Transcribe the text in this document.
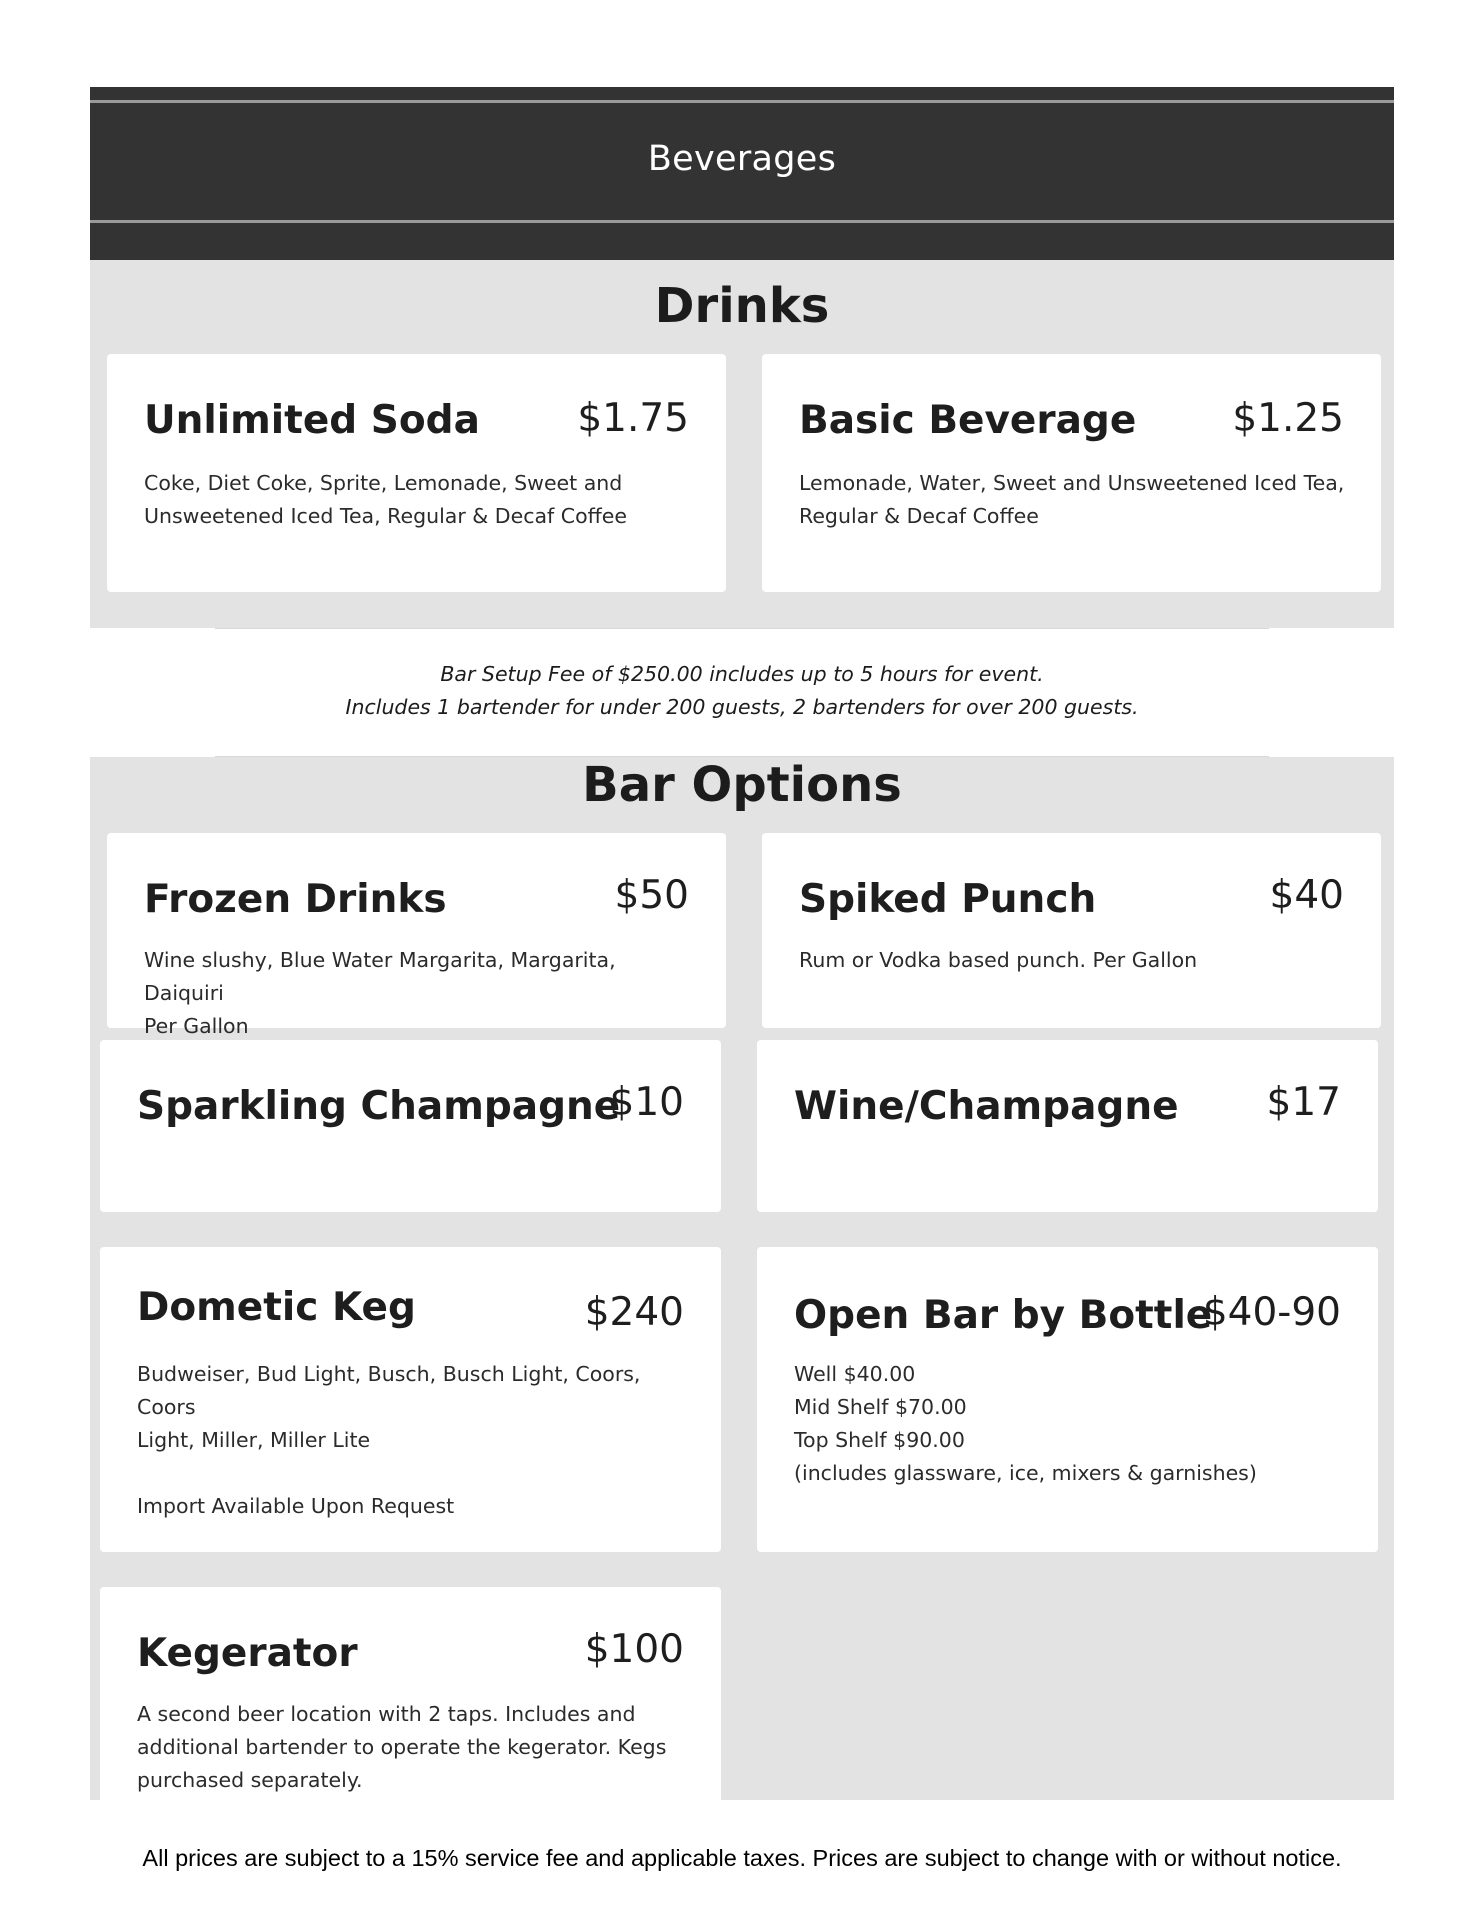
Beverages
Drinks
Unlimited Soda $1.75
Coke, Diet Coke, Sprite, Lemonade, Sweet and
Unsweetened Iced Tea, Regular & Decaf Coffee
Basic Beverage $1.25
Lemonade, Water, Sweet and Unsweetened Iced Tea,
Regular & Decaf Coffee
Bar Setup Fee of $250.00 includes up to 5 hours for event.
Includes 1 bartender for under 200 guests, 2 bartenders for over 200 guests.
Bar Options
Frozen Drinks	$50
Wine slushy, Blue Water Margarita, Margarita, Daiquiri
Per Gallon
Spiked Punch	$40
Rum or Vodka based punch. Per Gallon
Sparkling Champagne
$10	Wine/Champagne $17
Dometic Keg	$240
Budweiser, Bud Light, Busch, Busch Light, Coors, Coors
Light, Miller, Miller Lite

Import Available Upon Request
Open Bar by Bottle
$40-90
Well $40.00
Mid Shelf $70.00
Top Shelf $90.00
(includes glassware, ice, mixers & garnishes)
Kegerator	$100
A second beer location with 2 taps. Includes and
additional bartender to operate the kegerator. Kegs
purchased separately.
All prices are subject to a 15% service fee and applicable taxes. Prices are subject to change with or without notice.
